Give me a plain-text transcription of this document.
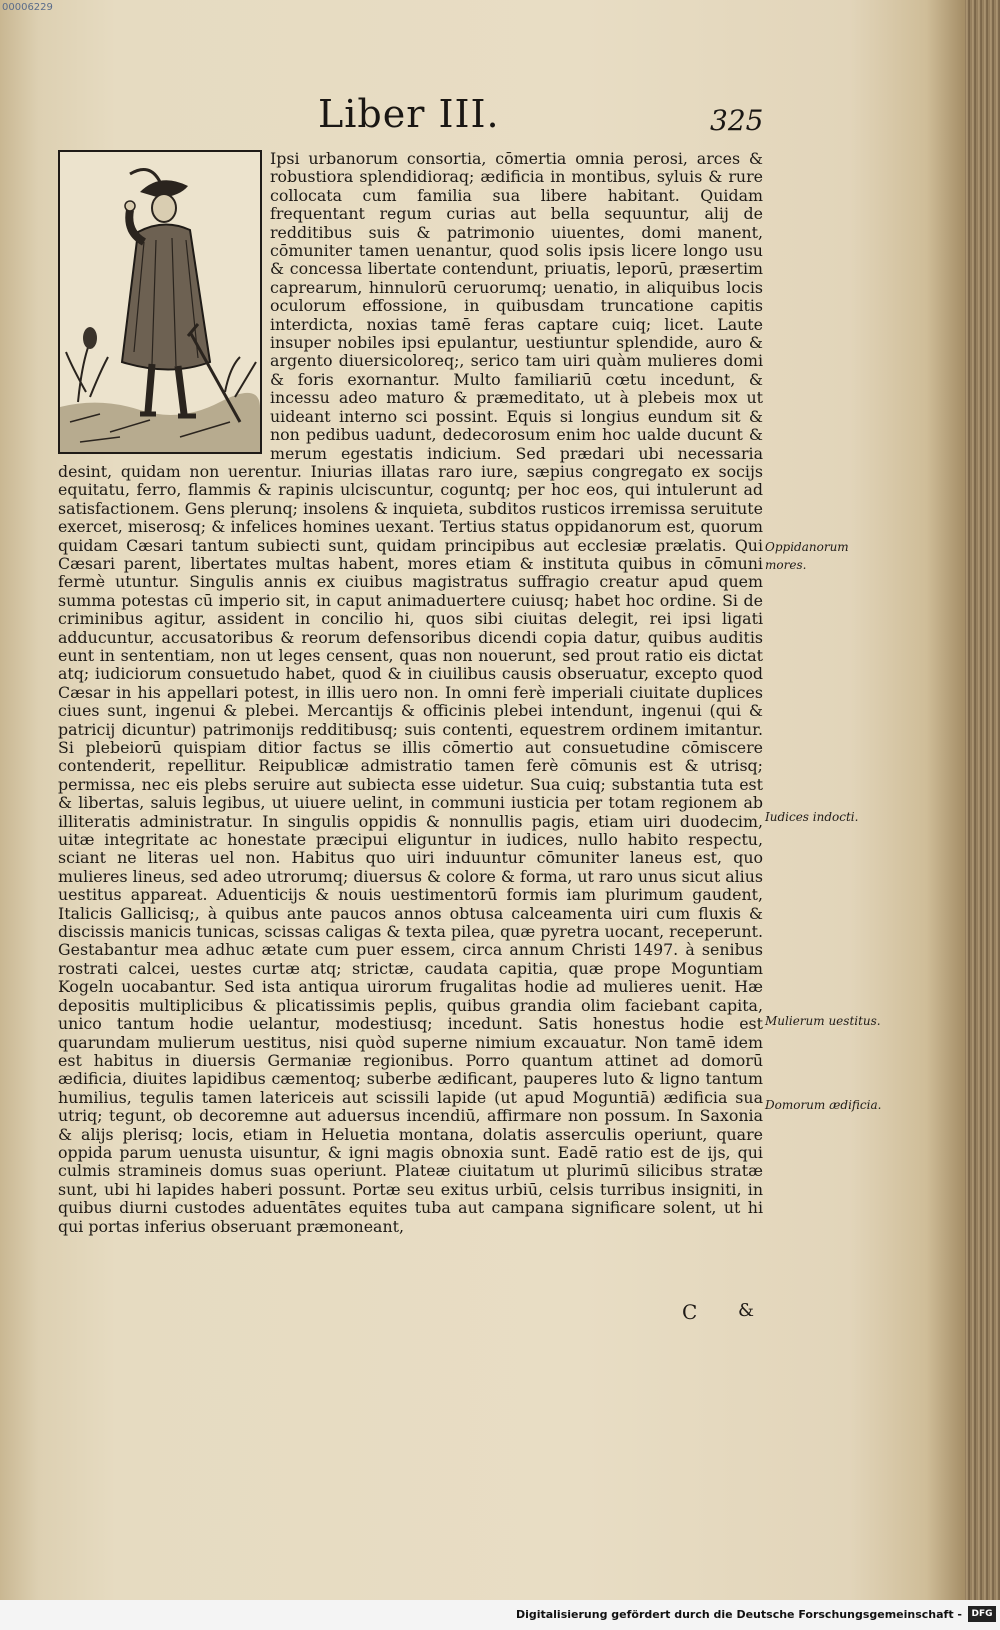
00006229
Liber III.	325
Ipsi urbanorum consortia, cōmertia omnia perosi, arces & robustiora splendidioraq; ædificia in montibus, syluis & rure collocata cum familia sua libere habitant. Quidam frequentant regum curias aut bella sequuntur, alij de redditibus suis & patrimonio uiuentes, domi manent, cōmuniter tamen uenantur, quod solis ipsis licere longo usu & concessa libertate contendunt, priuatis, leporū, præsertim caprearum, hinnulorū ceruorumq; uenatio, in aliquibus locis oculorum effossione, in quibusdam truncatione capitis interdicta, noxias tamē feras captare cuiq; licet. Laute insuper nobiles ipsi epulantur, uestiuntur splendide, auro & argento diuersicoloreq;, serico tam uiri quàm mulieres domi & foris exornantur. Multo familiariū cœtu incedunt, & incessu adeo maturo & præmeditato, ut à plebeis mox ut uideant interno sci possint. Equis si longius eundum sit & non pedibus uadunt, dedecorosum enim hoc ualde ducunt & merum egestatis indicium. Sed prædari ubi necessaria desint, quidam non uerentur. Iniurias illatas raro iure, sæpius congregato ex socijs equitatu, ferro, flammis & rapinis ulciscuntur, coguntq; per hoc eos, qui intulerunt ad satisfactionem. Gens plerunq; insolens & inquieta, subditos rusticos irremissa seruitute exercet, miserosq; & infelices homines uexant. Tertius status oppidanorum est, quorum quidam Cæsari tantum subiecti sunt, quidam principibus aut ecclesiæ prælatis. Qui Cæsari parent, libertates multas habent, mores etiam & instituta quibus in cōmuni fermè utuntur. Singulis annis ex ciuibus magistratus suffragio creatur apud quem summa potestas cū imperio sit, in caput animaduertere cuiusq; habet hoc ordine. Si de criminibus agitur, assident in concilio hi, quos sibi ciuitas delegit, rei ipsi ligati adducuntur, accusatoribus & reorum defensoribus dicendi copia datur, quibus auditis eunt in sententiam, non ut leges censent, quas non nouerunt, sed prout ratio eis dictat atq; iudiciorum consuetudo habet, quod & in ciuilibus causis obseruatur, excepto quod Cæsar in his appellari potest, in illis uero non. In omni ferè imperiali ciuitate duplices ciues sunt, ingenui & plebei. Mercantijs & officinis plebei intendunt, ingenui (qui & patricij dicuntur) patrimonijs redditibusq; suis contenti, equestrem ordinem imitantur. Si plebeiorū quispiam ditior factus se illis cōmertio aut consuetudine cōmiscere contenderit, repellitur. Reipublicæ admistratio tamen ferè cōmunis est & utrisq; permissa, nec eis plebs seruire aut subiecta esse uidetur. Sua cuiq; substantia tuta est & libertas, saluis legibus, ut uiuere uelint, in communi iusticia per totam regionem ab illiteratis administratur. In singulis oppidis & nonnullis pagis, etiam uiri duodecim, uitæ integritate ac honestate præcipui eliguntur in iudices, nullo habito respectu, sciant ne literas uel non. Habitus quo uiri induuntur cōmuniter laneus est, quo mulieres lineus, sed adeo utrorumq; diuersus & colore & forma, ut raro unus sicut alius uestitus appareat. Aduenticijs & nouis uestimentorū formis iam plurimum gaudent, Italicis Gallicisq;, à quibus ante paucos annos obtusa calceamenta uiri cum fluxis & discissis manicis tunicas, scissas caligas & texta pilea, quæ pyretra uocant, receperunt. Gestabantur mea adhuc ætate cum puer essem, circa annum Christi 1497. à senibus rostrati calcei, uestes curtæ atq; strictæ, caudata capitia, quæ prope Moguntiam Kogeln uocabantur. Sed ista antiqua uirorum frugalitas hodie ad mulieres uenit. Hæ depositis multiplicibus & plicatissimis peplis, quibus grandia olim faciebant capita, unico tantum hodie uelantur, modestiusq; incedunt. Satis honestus hodie est quarundam mulierum uestitus, nisi quòd superne nimium excauatur. Non tamē idem est habitus in diuersis Germaniæ regionibus. Porro quantum attinet ad domorū ædificia, diuites lapidibus cæmentoq; suberbe ædificant, pauperes luto & ligno tantum humilius, tegulis tamen latericeis aut scissili lapide (ut apud Moguntiā) ædificia sua utriq; tegunt, ob decoremne aut aduersus incendiū, affirmare non possum. In Saxonia & alijs plerisq; locis, etiam in Heluetia montana, dolatis asserculis operiunt, quare oppida parum uenusta uisuntur, & igni magis obnoxia sunt. Eadē ratio est de ijs, qui culmis stramineis domus suas operiunt. Plateæ ciuitatum ut plurimū silicibus stratæ sunt, ubi hi lapides haberi possunt. Portæ seu exitus urbiū, celsis turribus insigniti, in quibus diurni custodes aduentātes equites tuba aut campana significare solent, ut hi qui portas inferius obseruant præmoneant,
Oppidanorum mores.
Iudices indocti.
Mulierum uestitus.
Domorum ædificia.
C &
Digitalisierung gefördert durch die Deutsche Forschungsgemeinschaft -	DFG
